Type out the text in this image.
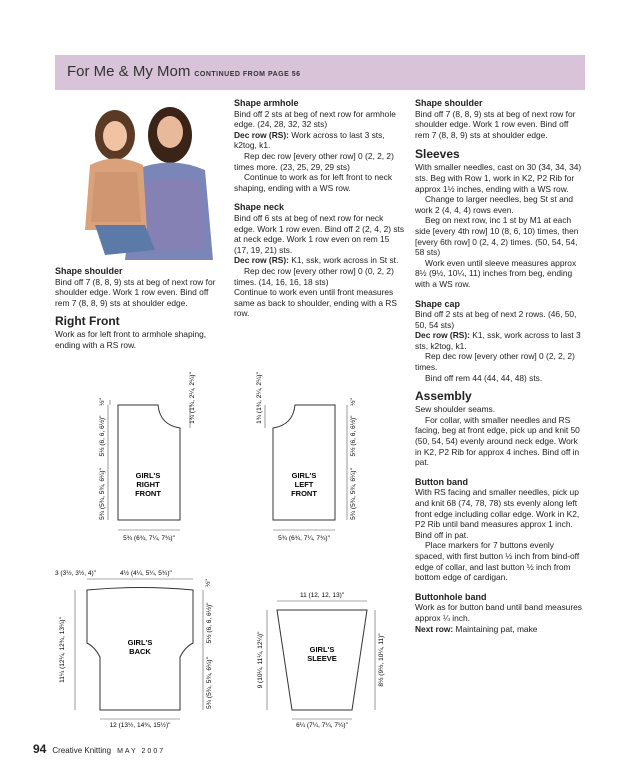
For Me & My Mom CONTINUED FROM PAGE 56

Shape shoulder

Bind off 7 (8, 8, 9) sts at beg of next row for shoulder edge. Work 1 row even. Bind off rem 7 (8, 8, 9) sts at shoulder edge.

Right Front

Work as for left front to armhole shaping, ending with a RS row.

Shape armhole

Bind off 2 sts at beg of next row for armhole edge. (24, 28, 32, 32 sts)

Dec row (RS): Work across to last 3 sts, k2tog, k1.

Rep dec row [every other row] 0 (2, 2, 2) times more. (23, 25, 29, 29 sts)

Continue to work as for left front to neck shaping, ending with a WS row.

Shape neck

Bind off 6 sts at beg of next row for neck edge. Work 1 row even. Bind off 2 (2, 4, 2) sts at neck edge. Work 1 row even on rem 15 (17, 19, 21) sts.

Dec row (RS): K1, ssk, work across in St st.

Rep dec row [every other row] 0 (0, 2, 2) times. (14, 16, 16, 18 sts)

Continue to work even until front measures same as back to shoulder, ending with a RS row.

Shape shoulder

Bind off 7 (8, 8, 9) sts at beg of next row for shoulder edge. Work 1 row even. Bind off rem 7 (8, 8, 9) sts at shoulder edge.

Sleeves

With smaller needles, cast on 30 (34, 34, 34) sts. Beg with Row 1, work in K2, P2 Rib for approx 1½ inches, ending with a WS row.

Change to larger needles, beg St st and work 2 (4, 4, 4) rows even.

Beg on next row, inc 1 st by M1 at each side [every 4th row] 10 (8, 6, 10) times, then [every 6th row] 0 (2, 4, 2) times. (50, 54, 54, 58 sts)

Work even until sleeve measures approx 8½ (9½, 10¼, 11) inches from beg, ending with a WS row.

Shape cap

Bind off 2 sts at beg of next 2 rows. (46, 50, 50, 54 sts)

Dec row (RS): K1, ssk, work across to last 3 sts, k2tog, k1.

Rep dec row [every other row] 0 (2, 2, 2) times.

Bind off rem 44 (44, 44, 48) sts.

Assembly

Sew shoulder seams.

For collar, with smaller needles and RS facing, beg at front edge, pick up and knit 50 (50, 54, 54) evenly around neck edge. Work in K2, P2 Rib for approx 4 inches. Bind off in pat.

Button band

With RS facing and smaller needles, pick up and knit 68 (74, 78, 78) sts evenly along left front edge including collar edge. Work in K2, P2 Rib until band measures approx 1 inch. Bind off in pat.

Place markers for 7 buttons evenly spaced, with first button ½ inch from bind-off edge of collar, and last button ½ inch from bottom edge of cardigan.

Buttonhole band

Work as for button band until band measures approx ¼ inch.

Next row: Maintaining pat, make

GIRL'S
RIGHT
FRONT
5¾ (6¾, 7¼, 7¾)"
5½ (6, 6, 6½)"
5¾ (5¾, 5¾, 6¼)"
½"	1¾ (1¾, 2¼, 2¼)"
GIRL'S
LEFT
FRONT
5¾ (6¾, 7¼, 7¾)"
5½ (6, 6, 6½)"
5¾ (5¾, 5¾, 6¼)"
½"
1¾ (1¾, 2¼, 2¼)"
3 (3½, 3½, 4)"	4½ (4¼, 5¼, 5¾)"
½"
GIRL'S
BACK
11¼ (12¼, 12¾, 13¼)"	5½ (6, 6, 6½)"
5¾ (5¾, 5¾, 6¼)"
12 (13½, 14¾, 15½)"
11 (12, 12, 13)"
GIRL'S
SLEEVE
9 (10¼, 11¼, 12¼)"	8½ (9½, 10¼, 11)"
6¼ (7¼, 7¼, 7¼)"
94 Creative Knitting MAY 2007
